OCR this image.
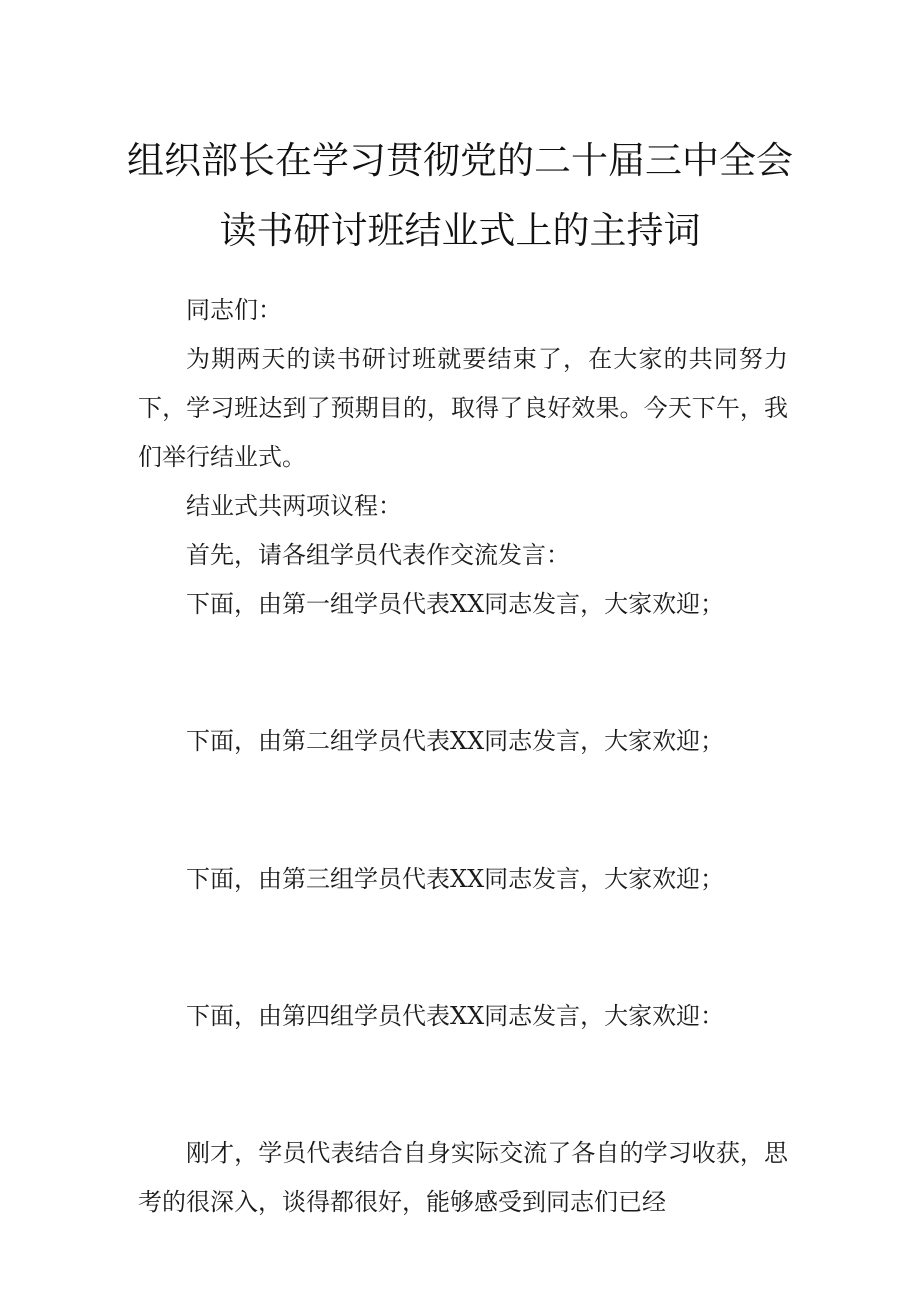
组织部长在学习贯彻党的二十届三中全会
读书研讨班结业式上的主持词

同志们：

为期两天的读书研讨班就要结束了，在大家的共同努力下，学习班达到了预期目的，取得了良好效果。今天下午，我们举行结业式。

结业式共两项议程：

首先，请各组学员代表作交流发言：

下面，由第一组学员代表XX同志发言，大家欢迎；

下面，由第二组学员代表XX同志发言，大家欢迎；

下面，由第三组学员代表XX同志发言，大家欢迎；

下面，由第四组学员代表XX同志发言，大家欢迎：

刚才，学员代表结合自身实际交流了各自的学习收获，思考的很深入，谈得都很好，能够感受到同志们已经
